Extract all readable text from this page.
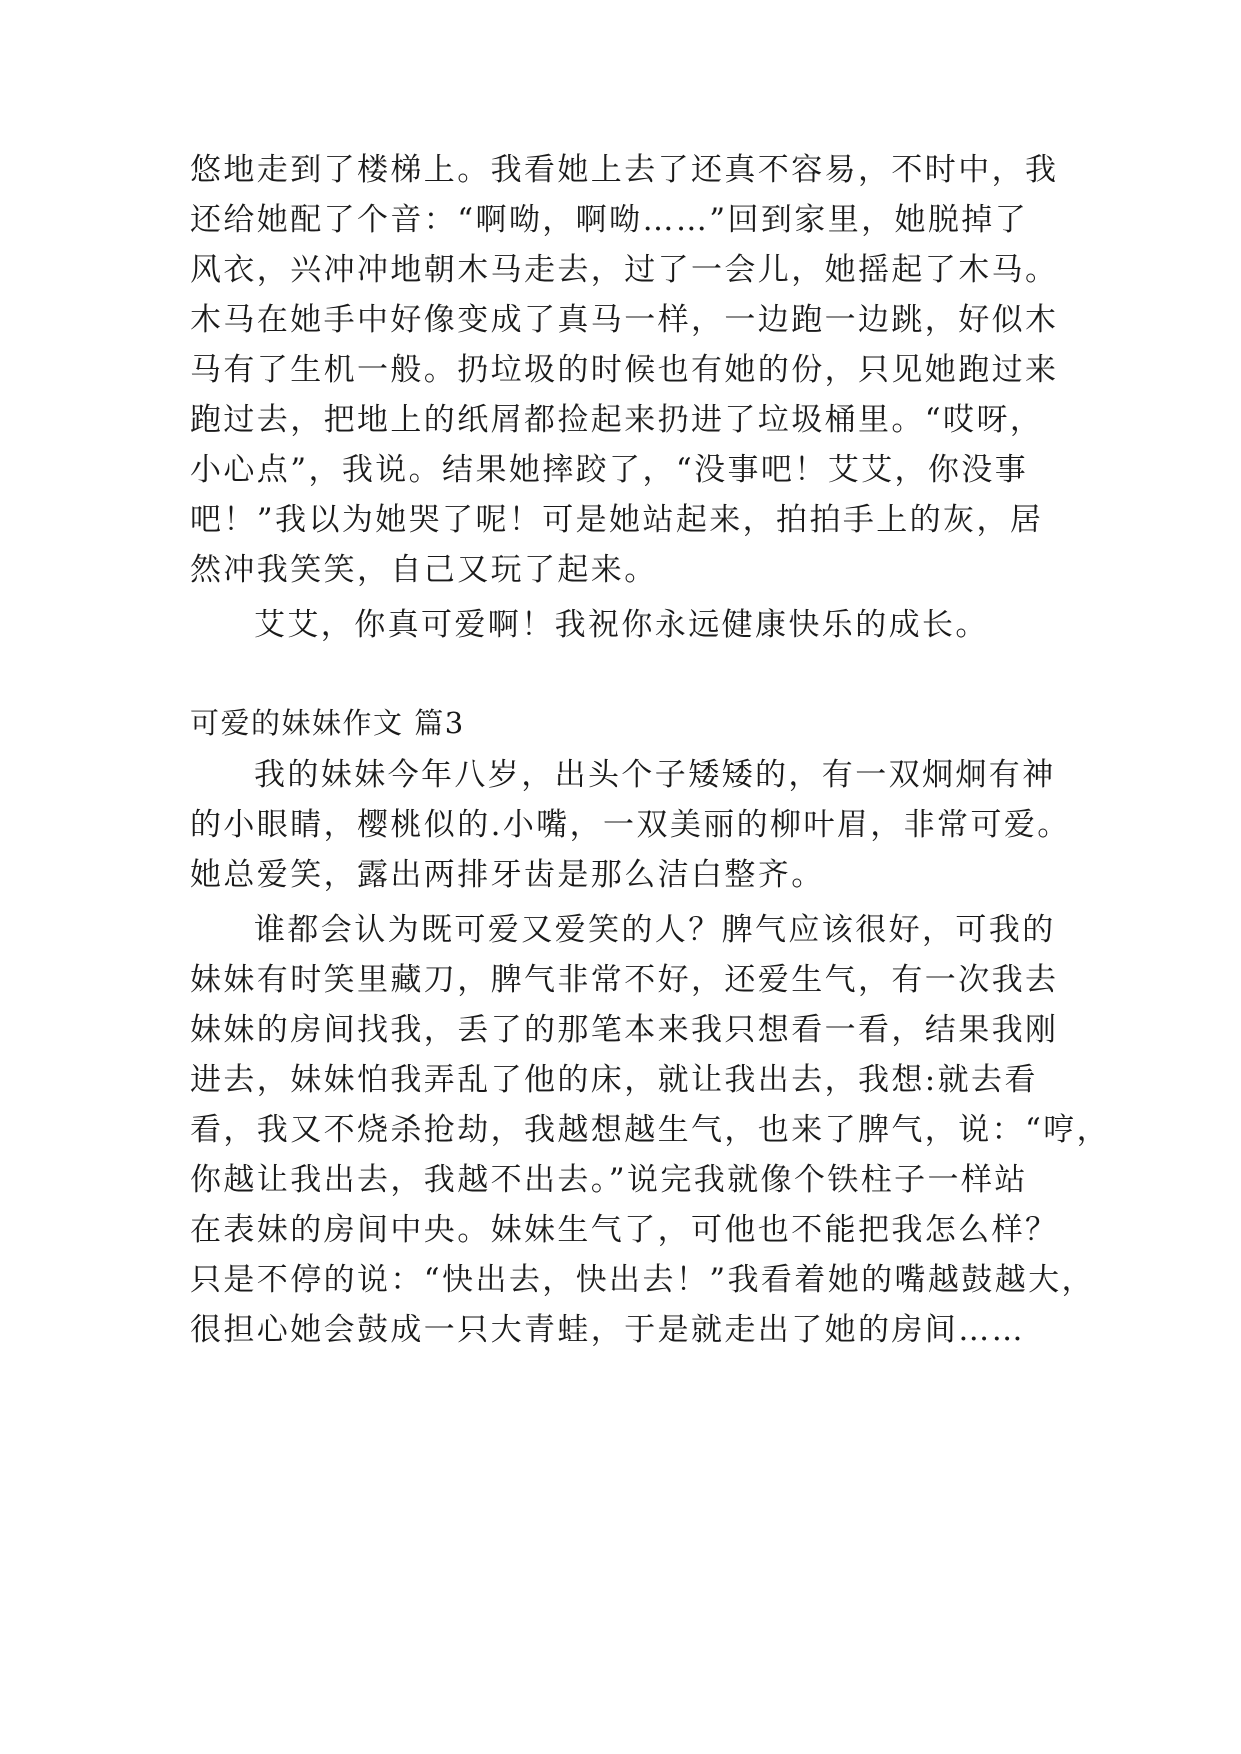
悠地走到了楼梯上。我看她上去了还真不容易，不时中，我
还给她配了个音：“啊呦，啊呦……”回到家里，她脱掉了
风衣，兴冲冲地朝木马走去，过了一会儿，她摇起了木马。
木马在她手中好像变成了真马一样，一边跑一边跳，好似木
马有了生机一般。扔垃圾的时候也有她的份，只见她跑过来
跑过去，把地上的纸屑都捡起来扔进了垃圾桶里。“哎呀，
小心点”，我说。结果她摔跤了，“没事吧！艾艾，你没事
吧！”我以为她哭了呢！可是她站起来，拍拍手上的灰，居
然冲我笑笑，自己又玩了起来。
艾艾，你真可爱啊！我祝你永远健康快乐的成长。
可爱的妹妹作文 篇3
我的妹妹今年八岁，出头个子矮矮的，有一双炯炯有神
的小眼睛，樱桃似的.小嘴，一双美丽的柳叶眉，非常可爱。
她总爱笑，露出两排牙齿是那么洁白整齐。
谁都会认为既可爱又爱笑的人？脾气应该很好，可我的
妹妹有时笑里藏刀，脾气非常不好，还爱生气，有一次我去
妹妹的房间找我，丢了的那笔本来我只想看一看，结果我刚
进去，妹妹怕我弄乱了他的床，就让我出去，我想:就去看
看，我又不烧杀抢劫，我越想越生气，也来了脾气，说：“哼，
你越让我出去，我越不出去。”说完我就像个铁柱子一样站
在表妹的房间中央。妹妹生气了，可他也不能把我怎么样？
只是不停的说：“快出去，快出去！”我看着她的嘴越鼓越大，
很担心她会鼓成一只大青蛙，于是就走出了她的房间……
